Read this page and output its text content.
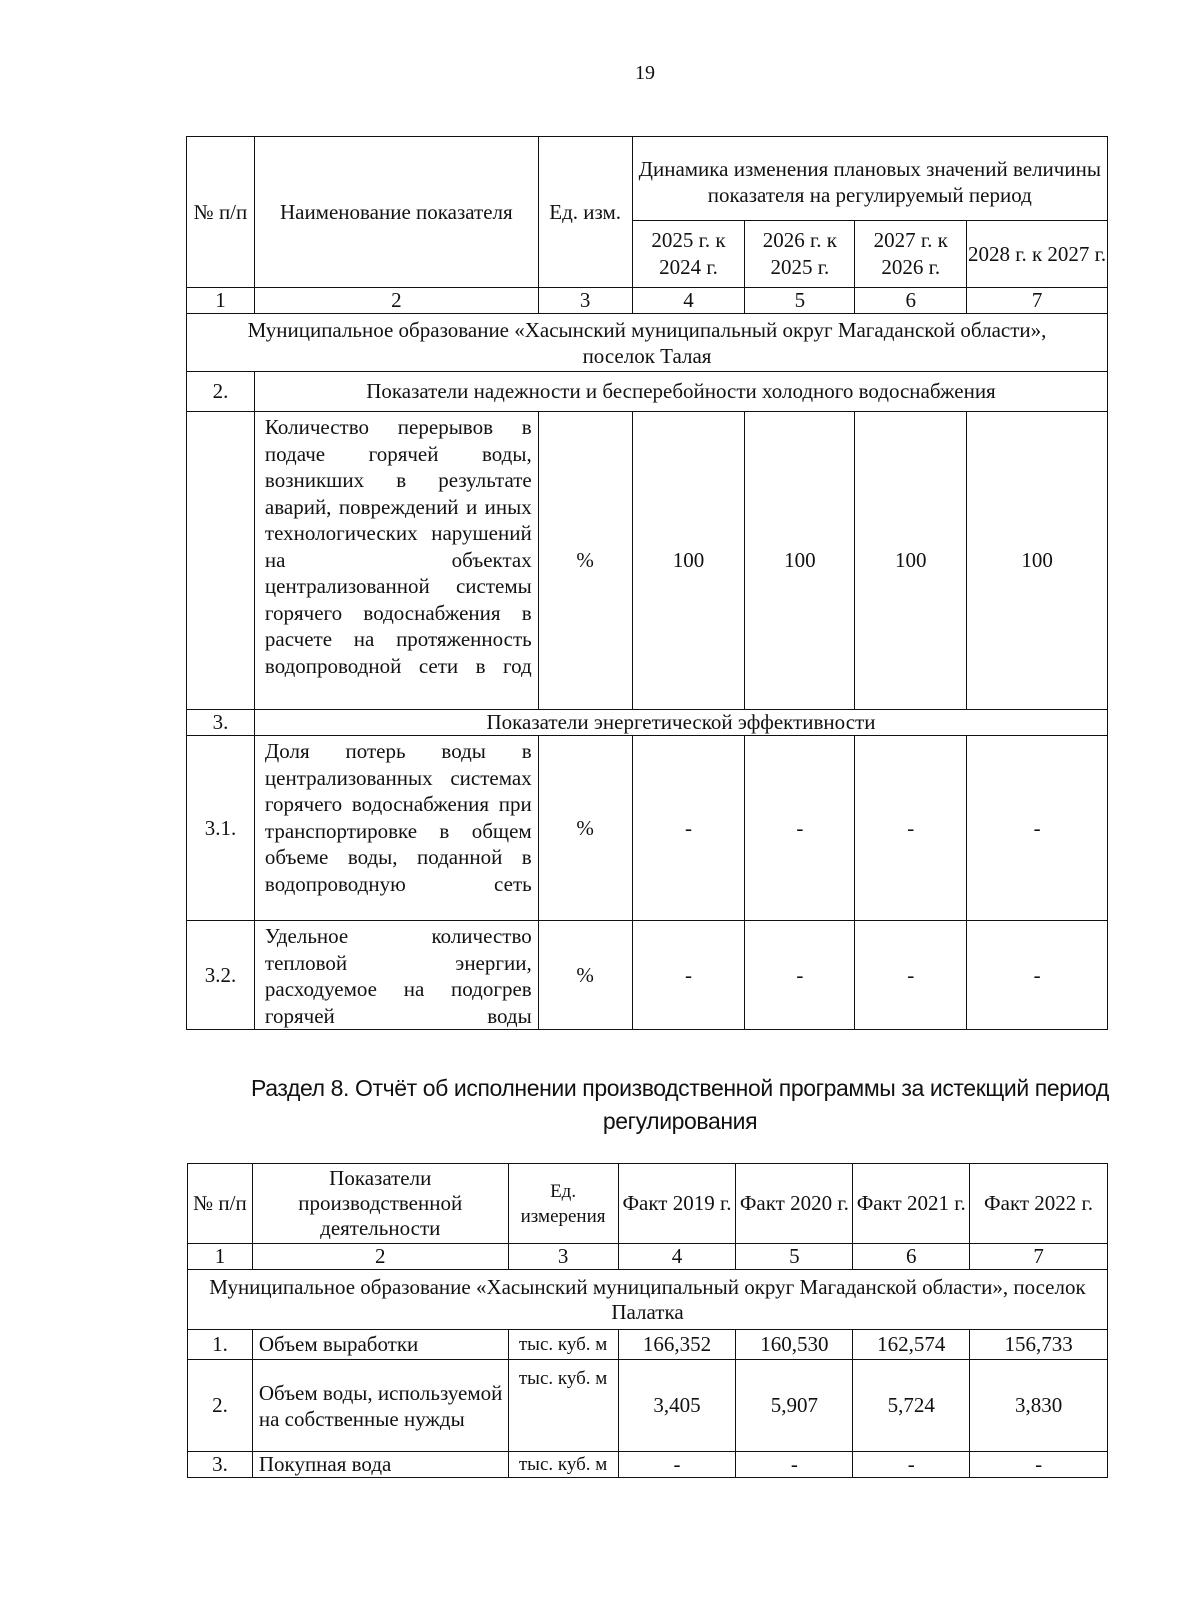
19
№ п/п	Наименование показателя	Ед. изм.	Динамика изменения плановых значений величины показателя на регулируемый период			
			2025 г. к 2024 г.	2026 г. к 2025 г.	2027 г. к 2026 г.	2028 г. к 2027 г.
1	2	3	4	5	6	7
Муниципальное образование «Хасынский муниципальный округ Магаданской области», поселок Талая						
2.	Показатели надежности и бесперебойности холодного водоснабжения					
	Количество перерывов в подаче горячей воды, возникших в результате аварий, повреждений и иных технологических нарушений на объектах централизованной системы горячего водоснабжения в расчете на протяженность водопроводной сети в год	%	100	100	100	100
3.	Показатели энергетической эффективности					
3.1.	Доля потерь воды в централизованных системах горячего водоснабжения при транспортировке в общем объеме воды, поданной в водопроводную сеть	%	-	-	-	-
3.2.	Удельное количество тепловой энергии, расходуемое на подогрев горячей воды	%	-	-	-	-
Раздел 8. Отчёт об исполнении производственной программы за истекщий период регулирования
№ п/п	Показатели производственной деятельности	Ед. измерения	Факт 2019 г.	Факт 2020 г.	Факт 2021 г.	Факт 2022 г.
1	2	3	4	5	6	7
Муниципальное образование «Хасынский муниципальный округ Магаданской области», поселок Палатка						
1.	Объем выработки	тыс. куб. м	166,352	160,530	162,574	156,733
2.	Объем воды, используемой на собственные нужды	тыс. куб. м	3,405	5,907	5,724	3,830
3.	Покупная вода	тыс. куб. м	-	-	-	-
